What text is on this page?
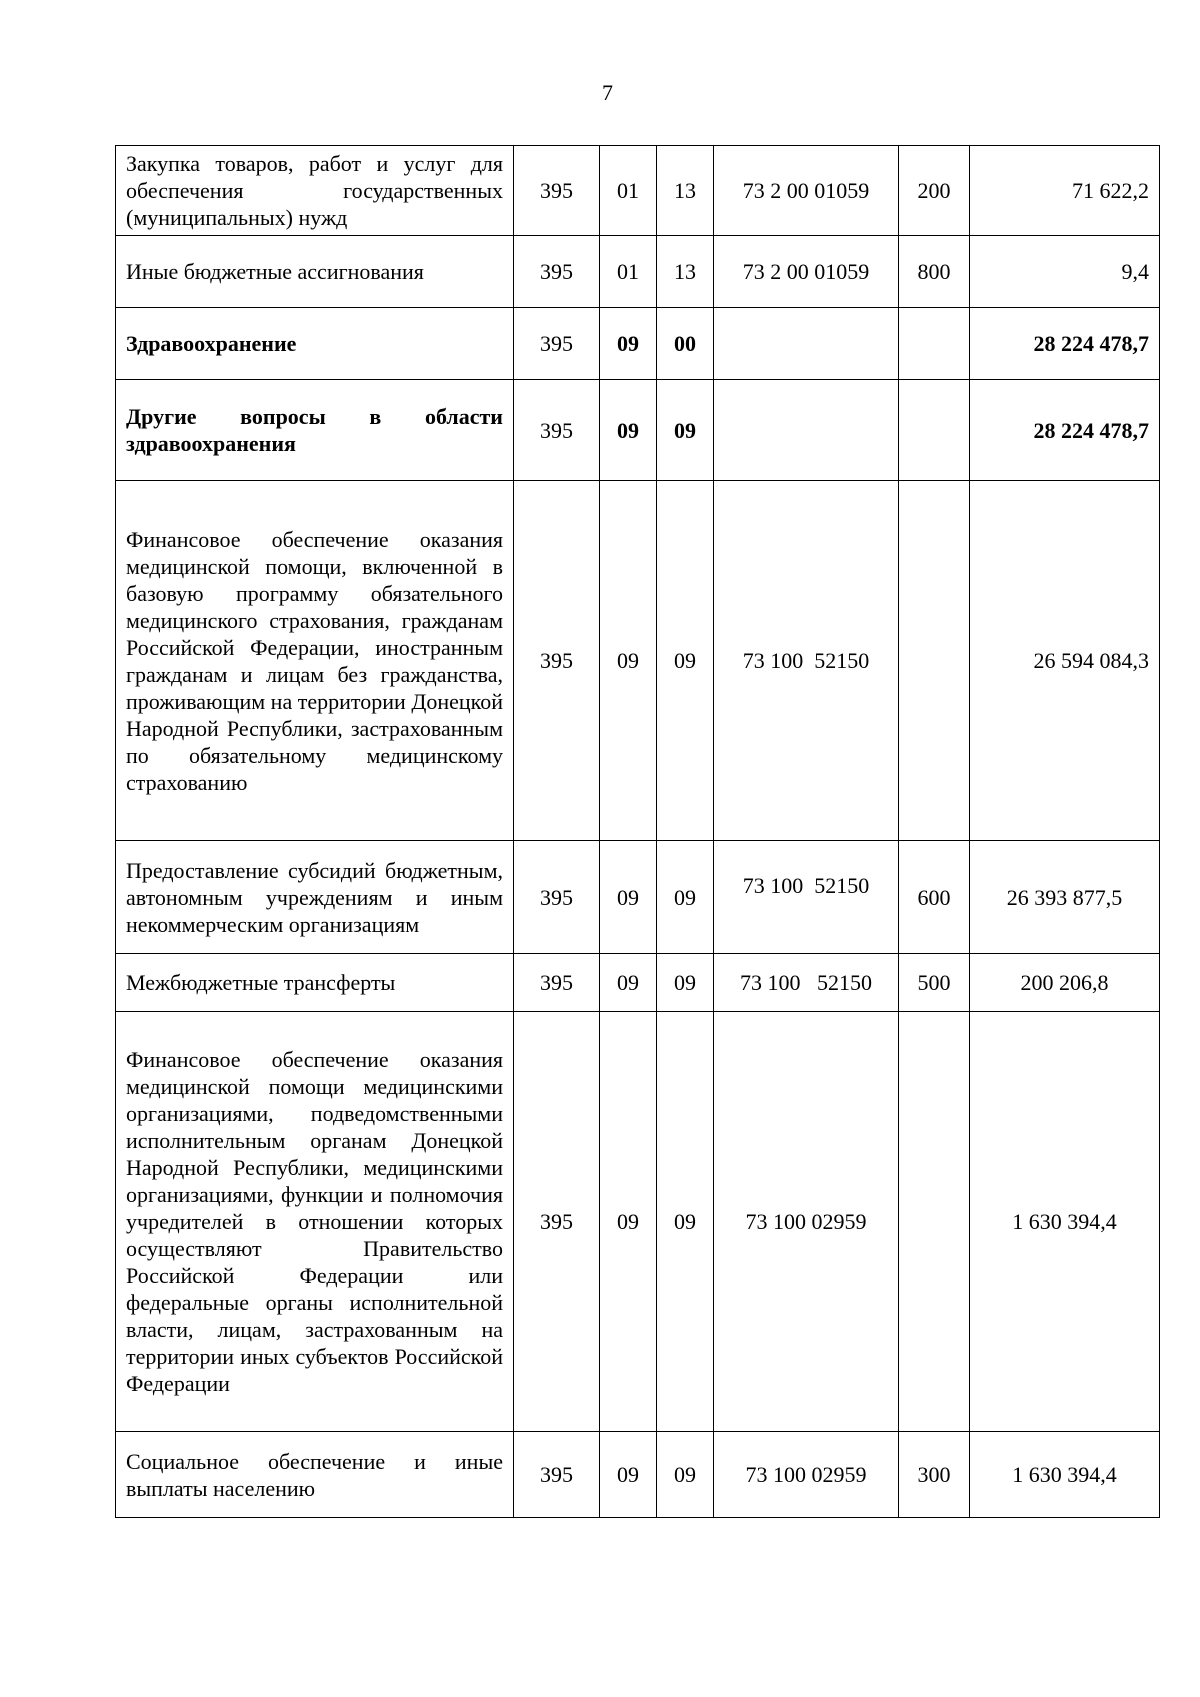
7
Закупка товаров, работ и услуг для обеспечения государственных (муниципальных) нужд	395	01	13	73 2 00 01059	200	71 622,2
Иные бюджетные ассигнования	395	01	13	73 2 00 01059	800	9,4
Здравоохранение	395	09	00			28 224 478,7
Другие вопросы в области здравоохранения	395	09	09			28 224 478,7
Финансовое обеспечение оказания медицинской помощи, включенной в базовую программу обязательного медицинского страхования, гражданам Российской Федерации, иностранным гражданам и лицам без гражданства, проживающим на территории Донецкой Народной Республики, застрахованным по обязательному медицинскому страхованию	395	09	09	73 100  52150		26 594 084,3
Предоставление субсидий бюджетным, автономным учреждениям и иным некоммерческим организациям	395	09	09	73 100  52150	600	26 393 877,5
Межбюджетные трансферты	395	09	09	73 100   52150	500	200 206,8
Финансовое обеспечение оказания медицинской помощи медицинскими организациями, подведомственными исполнительным органам Донецкой Народной Республики, медицинскими организациями, функции и полномочия учредителей в отношении которых осуществляют Правительство Российской Федерации или федеральные органы исполнительной власти, лицам, застрахованным на территории иных субъектов Российской Федерации	395	09	09	73 100 02959		1 630 394,4
Социальное обеспечение и иные выплаты населению	395	09	09	73 100 02959	300	1 630 394,4
